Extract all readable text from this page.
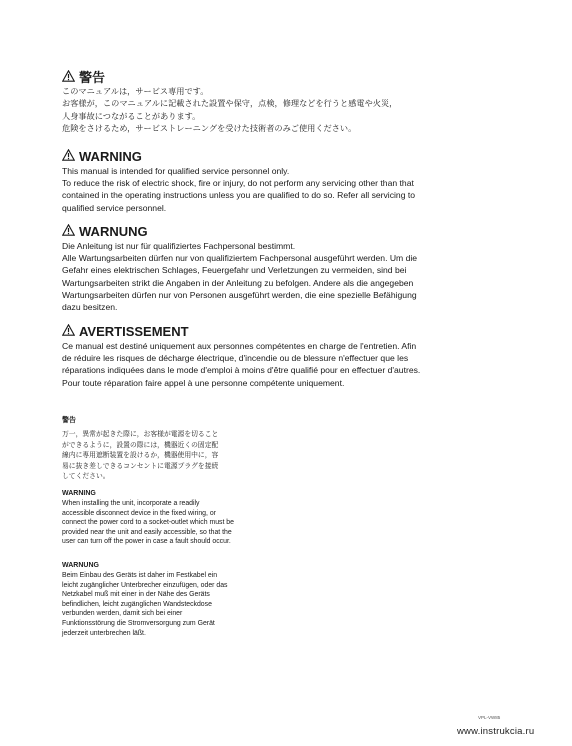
警告

このマニュアルは，サービス専用です。
お客様が，このマニュアルに記載された設置や保守，点検，修理などを行うと感電や火災，
人身事故につながることがあります。
危険をさけるため，サービストレーニングを受けた技術者のみご使用ください。

WARNING

This manual is intended for qualified service personnel only.
To reduce the risk of electric shock, fire or injury, do not perform any servicing other than that
contained in the operating instructions unless you are qualified to do so. Refer all servicing to
qualified service personnel.

WARNUNG

Die Anleitung ist nur für qualifiziertes Fachpersonal bestimmt.
Alle Wartungsarbeiten dürfen nur von qualifiziertem Fachpersonal ausgeführt werden. Um die
Gefahr eines elektrischen Schlages, Feuergefahr und Verletzungen zu vermeiden, sind bei
Wartungsarbeiten strikt die Angaben in der Anleitung zu befolgen. Andere als die angegeben
Wartungsarbeiten dürfen nur von Personen ausgeführt werden, die eine spezielle Befähigung
dazu besitzen.

AVERTISSEMENT

Ce manual est destiné uniquement aux personnes compétentes en charge de l'entretien. Afin
de réduire les risques de décharge électrique, d'incendie ou de blessure n'effectuer que les
réparations indiquées dans le mode d'emploi à moins d'être qualifié pour en effectuer d'autres.
Pour toute réparation faire appel à une personne compétente uniquement.

警告

万一，異常が起きた際に，お客様が電源を切ること
ができるように，設置の際には，機器近くの固定配
線内に専用遮断装置を設けるか，機器使用中に，容
易に抜き差しできるコンセントに電源プラグを接続
してください。

WARNING

When installing the unit, incorporate a readily
accessible disconnect device in the fixed wiring, or
connect the power cord to a socket-outlet which must be
provided near the unit and easily accessible, so that the
user can turn off the power in case a fault should occur.

WARNUNG

Beim Einbau des Geräts ist daher im Festkabel ein
leicht zugänglicher Unterbrecher einzufügen, oder das
Netzkabel muß mit einer in der Nähe des Geräts
befindlichen, leicht zugänglichen Wandsteckdose
verbunden werden, damit sich bei einer
Funktionsstörung die Stromversorgung zum Gerät
jederzeit unterbrechen läßt.

VPL-VW85
www.instrukcia.ru
